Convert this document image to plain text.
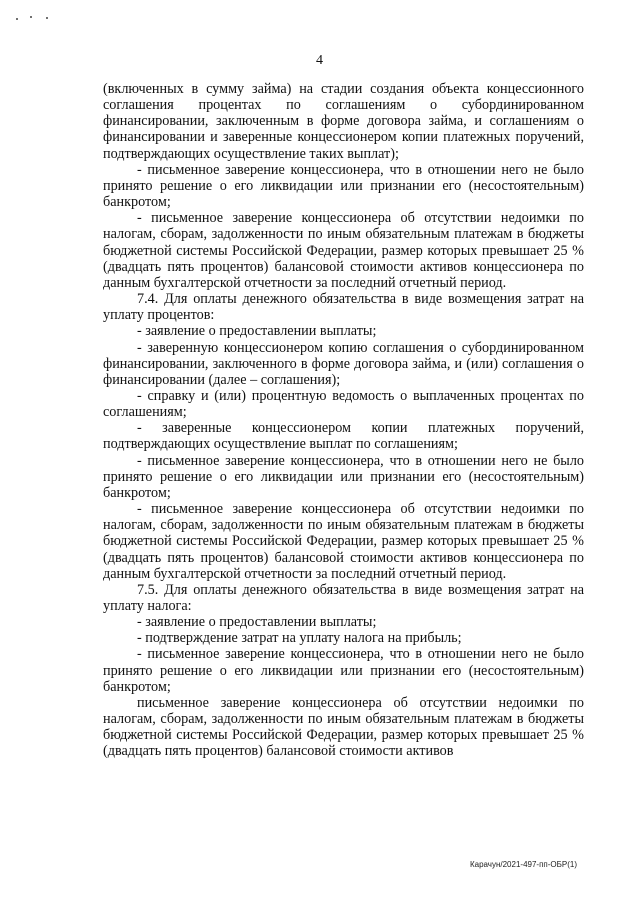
4

(включенных в сумму займа) на стадии создания объекта концессионного соглашения процентах по соглашениям о субординированном финансировании, заключенным в форме договора займа, и соглашениям о финансировании и заверенные концессионером копии платежных поручений, подтверждающих осуществление таких выплат);

- письменное заверение концессионера, что в отношении него не было принято решение о его ликвидации или признании его (несостоятельным) банкротом;

- письменное заверение концессионера об отсутствии недоимки по налогам, сборам, задолженности по иным обязательным платежам в бюджеты бюджетной системы Российской Федерации, размер которых превышает 25 % (двадцать пять процентов) балансовой стоимости активов концессионера по данным бухгалтерской отчетности за последний отчетный период.

7.4. Для оплаты денежного обязательства в виде возмещения затрат на уплату процентов:

- заявление о предоставлении выплаты;

- заверенную концессионером копию соглашения о субординированном финансировании, заключенного в форме договора займа, и (или) соглашения о финансировании (далее – соглашения);

- справку и (или) процентную ведомость о выплаченных процентах по соглашениям;

- заверенные концессионером копии платежных поручений, подтверждающих осуществление выплат по соглашениям;

- письменное заверение концессионера, что в отношении него не было принято решение о его ликвидации или признании его (несостоятельным) банкротом;

- письменное заверение концессионера об отсутствии недоимки по налогам, сборам, задолженности по иным обязательным платежам в бюджеты бюджетной системы Российской Федерации, размер которых превышает 25 % (двадцать пять процентов) балансовой стоимости активов концессионера по данным бухгалтерской отчетности за последний отчетный период.

7.5. Для оплаты денежного обязательства в виде возмещения затрат на уплату налога:

- заявление о предоставлении выплаты;

- подтверждение затрат на уплату налога на прибыль;

- письменное заверение концессионера, что в отношении него не было принято решение о его ликвидации или признании его (несостоятельным) банкротом;

письменное заверение концессионера об отсутствии недоимки по налогам, сборам, задолженности по иным обязательным платежам в бюджеты бюджетной системы Российской Федерации, размер которых превышает 25 % (двадцать пять процентов) балансовой стоимости активов

Карачун/2021-497-пп-ОБР(1)
